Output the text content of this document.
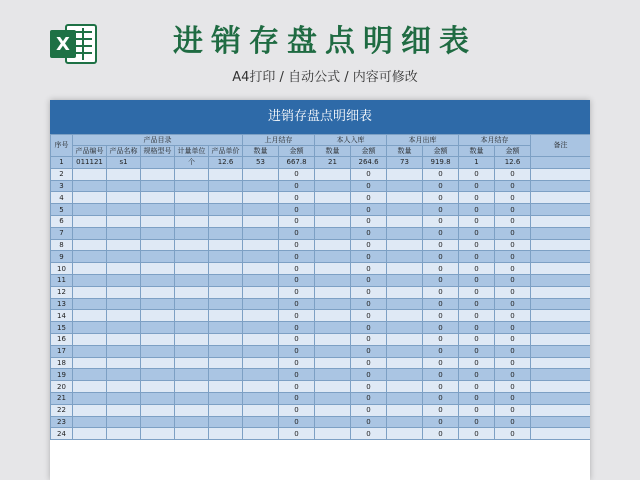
X	进销存盘点明细表
A4打印 / 自动公式 / 内容可修改
进销存盘点明细表
序号	产品目录					上月结存		本人入库		本月出库		本月结存		备注
	产品编号	产品名称	规格型号	计量单位	产品单价	数量	金额	数量	金额	数量	金额	数量	金额	
1	011121	s1		个	12.6	53	667.8	21	264.6	73	919.8	1	12.6	
2							0		0		0	0	0	
3							0		0		0	0	0	
4							0		0		0	0	0	
5							0		0		0	0	0	
6							0		0		0	0	0	
7							0		0		0	0	0	
8							0		0		0	0	0	
9							0		0		0	0	0	
10							0		0		0	0	0	
11							0		0		0	0	0	
12							0		0		0	0	0	
13							0		0		0	0	0	
14							0		0		0	0	0	
15							0		0		0	0	0	
16							0		0		0	0	0	
17							0		0		0	0	0	
18							0		0		0	0	0	
19							0		0		0	0	0	
20							0		0		0	0	0	
21							0		0		0	0	0	
22							0		0		0	0	0	
23							0		0		0	0	0	
24							0		0		0	0	0	
